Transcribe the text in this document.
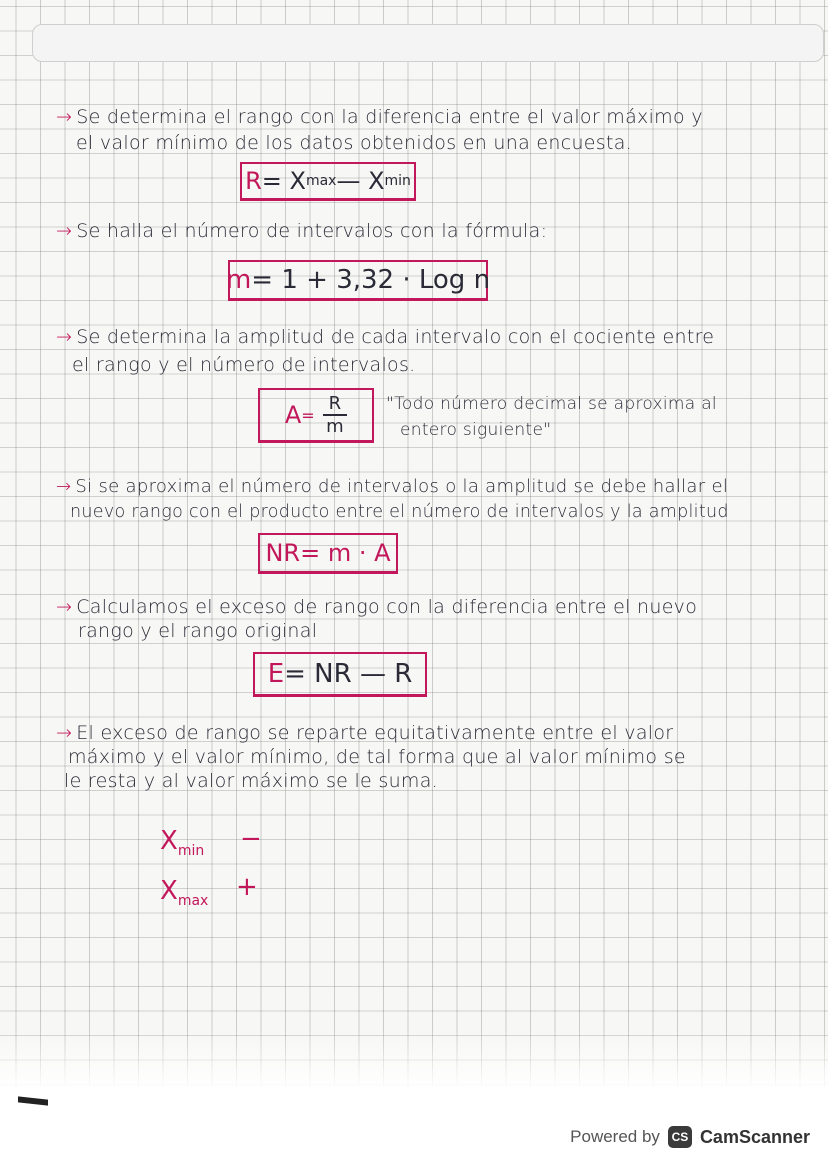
→ Se determina el rango con la diferencia entre el valor máximo y
el valor mínimo de los datos obtenidos en una encuesta.
R = X max — X min
→ Se halla el número de intervalos con la fórmula:
m = 1 + 3,32 · Log n
→ Se determina la amplitud de cada intervalo con el cociente entre
el rango y el número de intervalos.
$A = \frac{R}{m}$ "Todo número decimal se aproxima al
entero siguiente"
→ Si se aproxima el número de intervalos o la amplitud se debe hallar el
nuevo rango con el producto entre el número de intervalos y la amplitud
NR = m · A
→ Calculamos el exceso de rango con la diferencia entre el nuevo
rango y el rango original
E = NR — R
→ El exceso de rango se reparte equitativamente entre el valor
máximo y el valor mínimo, de tal forma que al valor mínimo se
le resta y al valor máximo se le suma.
$X_{min}$ −
$X_{max}$ +
Powered by CS CamScanner
